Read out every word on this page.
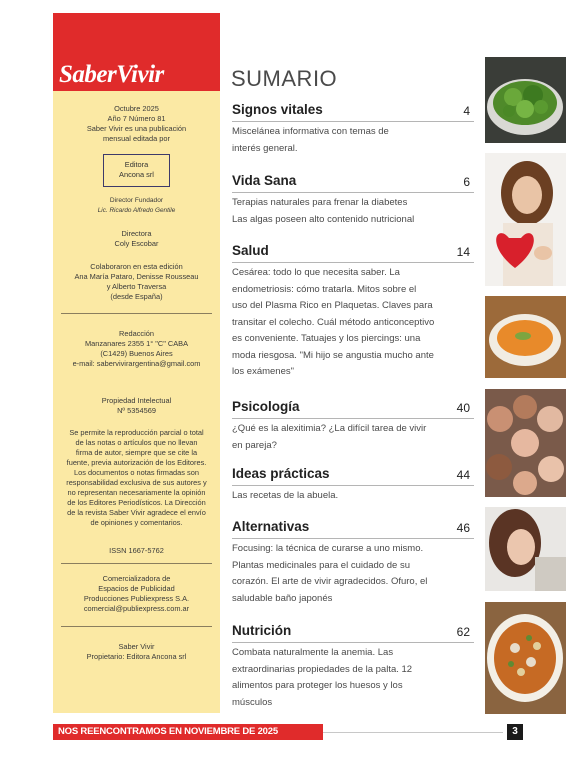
SaberVivir
Octubre 2025
Año 7 Número 81
Saber Vivir es una publicación
mensual editada por
Editora
Ancona srl
Director Fundador
Lic. Ricardo Alfredo Gentile
Directora
Coly Escobar
Colaboraron en esta edición
Ana María Pataro, Denisse Rousseau
y Alberto Traversa
(desde España)
Redacción
Manzanares 2355 1° "C" CABA
(C1429) Buenos Aires
e-mail: sabervivirargentina@gmail.com
Propiedad Intelectual
Nº 5354569
Se permite la reproducción parcial o total
de las notas o artículos que no llevan
firma de autor, siempre que se cite la
fuente, previa autorización de los Editores.
Los documentos o notas firmadas son
responsabilidad exclusiva de sus autores y
no representan necesariamente la opinión
de los Editores Periodísticos. La Dirección
de la revista Saber Vivir agradece el envío
de opiniones y comentarios.
ISSN 1667-5762
Comercializadora de
Espacios de Publicidad
Producciones Publiexpress S.A.
comercial@publiexpress.com.ar
Saber Vivir
Propietario: Editora Ancona srl
SUMARIO
Signos vitales	4
Miscelánea informativa con temas de
interés general.
Vida Sana	6
Terapias naturales para frenar la diabetes
Las algas poseen alto contenido nutricional
Salud	14
Cesárea: todo lo que necesita saber. La
endometriosis: cómo tratarla. Mitos sobre el
uso del Plasma Rico en Plaquetas. Claves para
transitar el colecho. Cuál método anticonceptivo
es conveniente. Tatuajes y los piercings: una
moda riesgosa. "Mi hijo se angustia mucho ante
los exámenes"
Psicología	40
¿Qué es la alexitimia? ¿La difícil tarea de vivir
en pareja?
Ideas prácticas	44
Las recetas de la abuela.
Alternativas	46
Focusing: la técnica de curarse a uno mismo.
Plantas medicinales para el cuidado de su
corazón. El arte de vivir agradecidos. Ofuro, el
saludable baño japonés
Nutrición	62
Combata naturalmente la anemia. Las
extraordinarias propiedades de la palta. 12
alimentos para proteger los huesos y los
músculos
NOS REENCONTRAMOS EN NOVIEMBRE DE 2025	3
